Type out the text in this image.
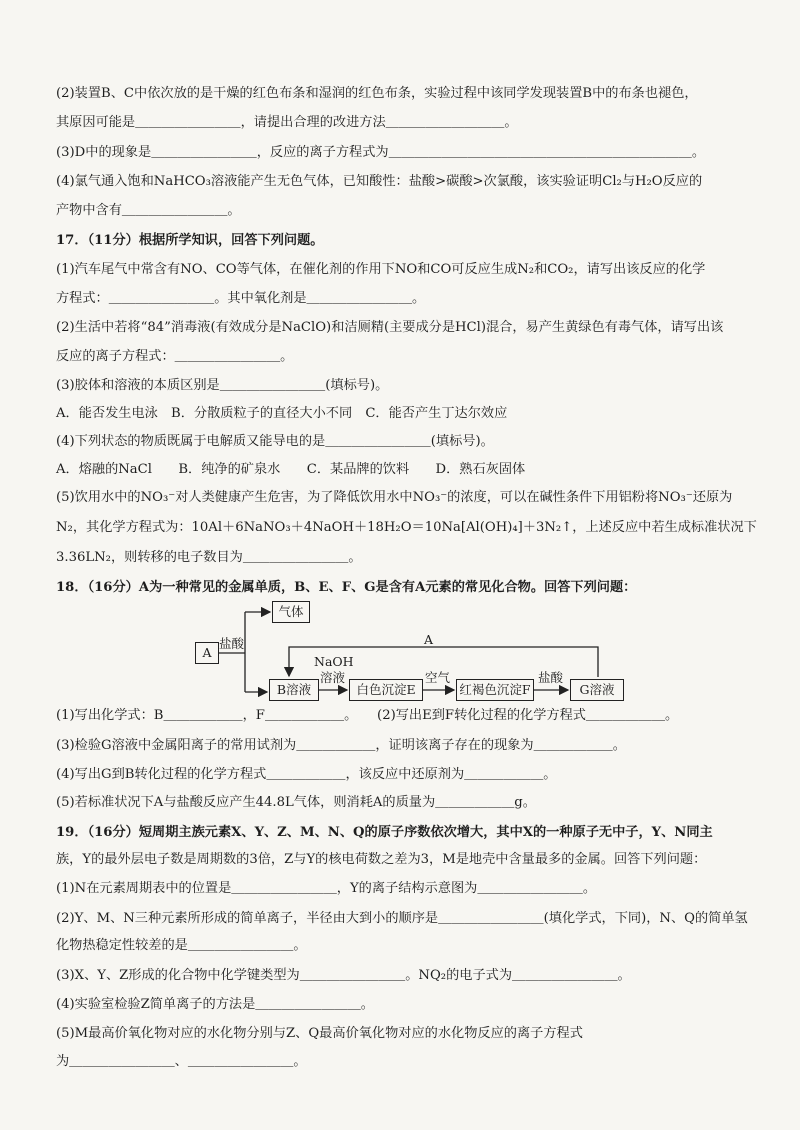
(2)装置B、C中依次放的是干燥的红色布条和湿润的红色布条，实验过程中该同学发现装置B中的布条也褪色，
其原因可能是＿＿＿＿＿＿＿＿，请提出合理的改进方法＿＿＿＿＿＿＿＿＿。
(3)D中的现象是＿＿＿＿＿＿＿＿，反应的离子方程式为＿＿＿＿＿＿＿＿＿＿＿＿＿＿＿＿＿＿＿＿＿＿＿。
(4)氯气通入饱和NaHCO₃溶液能产生无色气体，已知酸性：盐酸>碳酸>次氯酸，该实验证明Cl₂与H₂O反应的
产物中含有＿＿＿＿＿＿＿＿。
17．（11分）根据所学知识，回答下列问题。
(1)汽车尾气中常含有NO、CO等气体，在催化剂的作用下NO和CO可反应生成N₂和CO₂，请写出该反应的化学
方程式：＿＿＿＿＿＿＿＿。其中氧化剂是＿＿＿＿＿＿＿＿。
(2)生活中若将“84”消毒液(有效成分是NaClO)和洁厕精(主要成分是HCl)混合，易产生黄绿色有毒气体，请写出该
反应的离子方程式：＿＿＿＿＿＿＿＿。
(3)胶体和溶液的本质区别是＿＿＿＿＿＿＿＿(填标号)。
A．能否发生电泳　B．分散质粒子的直径大小不同　C．能否产生丁达尔效应
(4)下列状态的物质既属于电解质又能导电的是＿＿＿＿＿＿＿＿(填标号)。
A．熔融的NaCl　　B．纯净的矿泉水　　C．某品牌的饮料　　D．熟石灰固体
(5)饮用水中的NO₃⁻对人类健康产生危害，为了降低饮用水中NO₃⁻的浓度，可以在碱性条件下用铝粉将NO₃⁻还原为
N₂，其化学方程式为：10Al＋6NaNO₃＋4NaOH＋18H₂O＝10Na[Al(OH)₄]＋3N₂↑，上述反应中若生成标准状况下
3.36LN₂，则转移的电子数目为＿＿＿＿＿＿＿＿。
18．（16分）A为一种常见的金属单质，B、E、F、G是含有A元素的常见化合物。回答下列问题：
A
气体
B溶液	白色沉淀E	红褐色沉淀F	G溶液
盐酸	A
NaOH
溶液	空气	盐酸
(1)写出化学式：B＿＿＿＿＿＿，F＿＿＿＿＿＿。　　(2)写出E到F转化过程的化学方程式＿＿＿＿＿＿。
(3)检验G溶液中金属阳离子的常用试剂为＿＿＿＿＿＿，证明该离子存在的现象为＿＿＿＿＿＿。
(4)写出G到B转化过程的化学方程式＿＿＿＿＿＿，该反应中还原剂为＿＿＿＿＿＿。
(5)若标准状况下A与盐酸反应产生44.8L气体，则消耗A的质量为＿＿＿＿＿＿g。
19．（16分）短周期主族元素X、Y、Z、M、N、Q的原子序数依次增大，其中X的一种原子无中子，Y、N同主
族，Y的最外层电子数是周期数的3倍，Z与Y的核电荷数之差为3，M是地壳中含量最多的金属。回答下列问题：
(1)N在元素周期表中的位置是＿＿＿＿＿＿＿＿，Y的离子结构示意图为＿＿＿＿＿＿＿＿。
(2)Y、M、N三种元素所形成的简单离子，半径由大到小的顺序是＿＿＿＿＿＿＿＿(填化学式，下同)，N、Q的简单氢
化物热稳定性较差的是＿＿＿＿＿＿＿＿。
(3)X、Y、Z形成的化合物中化学键类型为＿＿＿＿＿＿＿＿。NQ₂的电子式为＿＿＿＿＿＿＿＿。
(4)实验室检验Z简单离子的方法是＿＿＿＿＿＿＿＿。
(5)M最高价氧化物对应的水化物分别与Z、Q最高价氧化物对应的水化物反应的离子方程式
为＿＿＿＿＿＿＿＿、＿＿＿＿＿＿＿＿。
